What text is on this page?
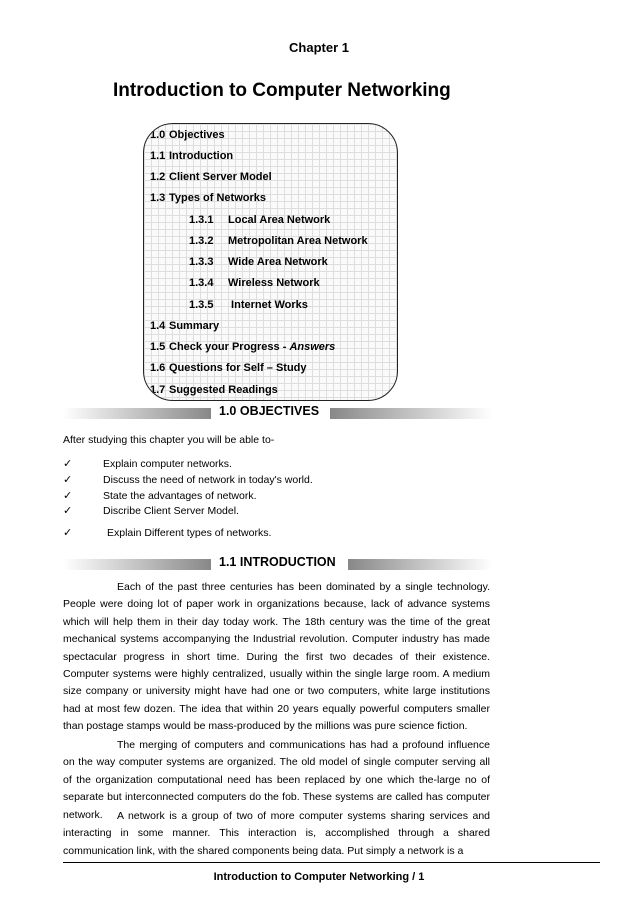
Chapter 1
Introduction to Computer Networking
1.0 Objectives
1.1 Introduction
1.2 Client Server Model
1.3 Types of Networks
1.3.1 Local Area Network
1.3.2 Metropolitan Area Network
1.3.3 Wide Area Network
1.3.4 Wireless Network
1.3.5 Internet Works
1.4 Summary
1.5 Check your Progress - Answers
1.6 Questions for Self – Study
1.7 Suggested Readings
1.0 OBJECTIVES
After studying this chapter you will be able to-
✓	Explain computer networks.
✓	Discuss the need of network in today's world.
✓	State the advantages of network.
✓	Discribe Client Server Model.
✓	Explain Different types of networks.
1.1 INTRODUCTION

Each of the past three centuries has been dominated by a single technology. People were doing lot of paper work in organizations because, lack of advance systems which will help them in their day today work. The 18th century was the time of the great mechanical systems accompanying the Industrial revolution. Computer industry has made spectacular progress in short time. During the first two decades of their existence. Computer systems were highly centralized, usually within the single large room. A medium size company or university might have had one or two computers, white large institutions had at most few dozen. The idea that within 20 years equally powerful computers smaller than postage stamps would be mass-produced by the millions was pure science fiction.

The merging of computers and communications has had a profound influence on the way computer systems are organized. The old model of single computer serving all of the organization computational need has been replaced by one which the-large no of separate but interconnected computers do the fob. These systems are called has computer network.	A network is a group of two of more computer systems sharing services and interacting in some manner. This interaction is, accomplished through a shared communication link, with the shared components being data. Put simply a network is a

Introduction to Computer Networking / 1
